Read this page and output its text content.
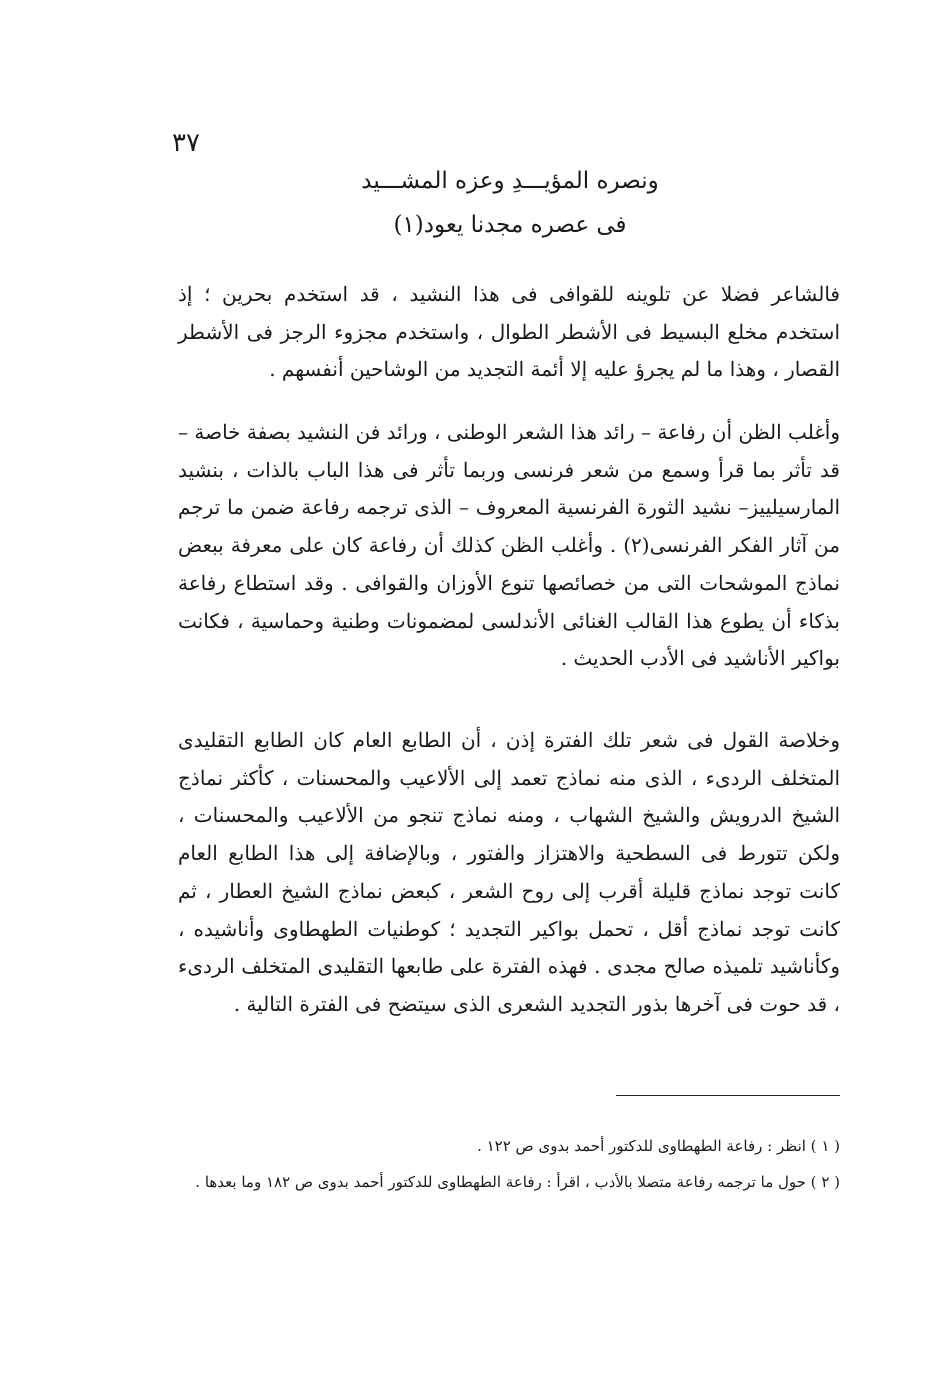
٣٧
ونصره المؤيـــدِ وعزه المشـــيد
فى عصره مجدنا يعود(١)
فالشاعر فضلا عن تلوينه للقوافى فى هذا النشيد ، قد استخدم بحرين ؛ إذ استخدم مخلع البسيط فى الأشطر الطوال ، واستخدم مجزوء الرجز فى الأشطر القصار ، وهذا ما لم يجرؤ عليه إلا أئمة التجديد من الوشاحين أنفسهم .
وأغلب الظن أن رفاعة – رائد هذا الشعر الوطنى ، ورائد فن النشيد بصفة خاصة – قد تأثر بما قرأ وسمع من شعر فرنسى وربما تأثر فى هذا الباب بالذات ، بنشيد المارسيلييز– نشيد الثورة الفرنسية المعروف – الذى ترجمه رفاعة ضمن ما ترجم من آثار الفكر الفرنسى(٢) . وأغلب الظن كذلك أن رفاعة كان على معرفة ببعض نماذج الموشحات التى من خصائصها تنوع الأوزان والقوافى . وقد استطاع رفاعة بذكاء أن يطوع هذا القالب الغنائى الأندلسى لمضمونات وطنية وحماسية ، فكانت بواكير الأناشيد فى الأدب الحديث .
وخلاصة القول فى شعر تلك الفترة إذن ، أن الطابع العام كان الطابع التقليدى المتخلف الردىء ، الذى منه نماذج تعمد إلى الألاعيب والمحسنات ، كأكثر نماذج الشيخ الدرويش والشيخ الشهاب ، ومنه نماذج تنجو من الألاعيب والمحسنات ، ولكن تتورط فى السطحية والاهتزاز والفتور ، وبالإضافة إلى هذا الطابع العام كانت توجد نماذج قليلة أقرب إلى روح الشعر ، كبعض نماذج الشيخ العطار ، ثم كانت توجد نماذج أقل ، تحمل بواكير التجديد ؛ كوطنيات الطهطاوى وأناشيده ، وكأناشيد تلميذه صالح مجدى . فهذه الفترة على طابعها التقليدى المتخلف الردىء ، قد حوت فى آخرها بذور التجديد الشعرى الذى سيتضح فى الفترة التالية .

( ١ ) انظر : رفاعة الطهطاوى للدكتور أحمد بدوى ص ١٢٢ .

( ٢ ) حول ما ترجمه رفاعة متصلا بالأدب ، اقرأ : رفاعة الطهطاوى للدكتور أحمد بدوى ص ١٨٢ وما بعدها .
